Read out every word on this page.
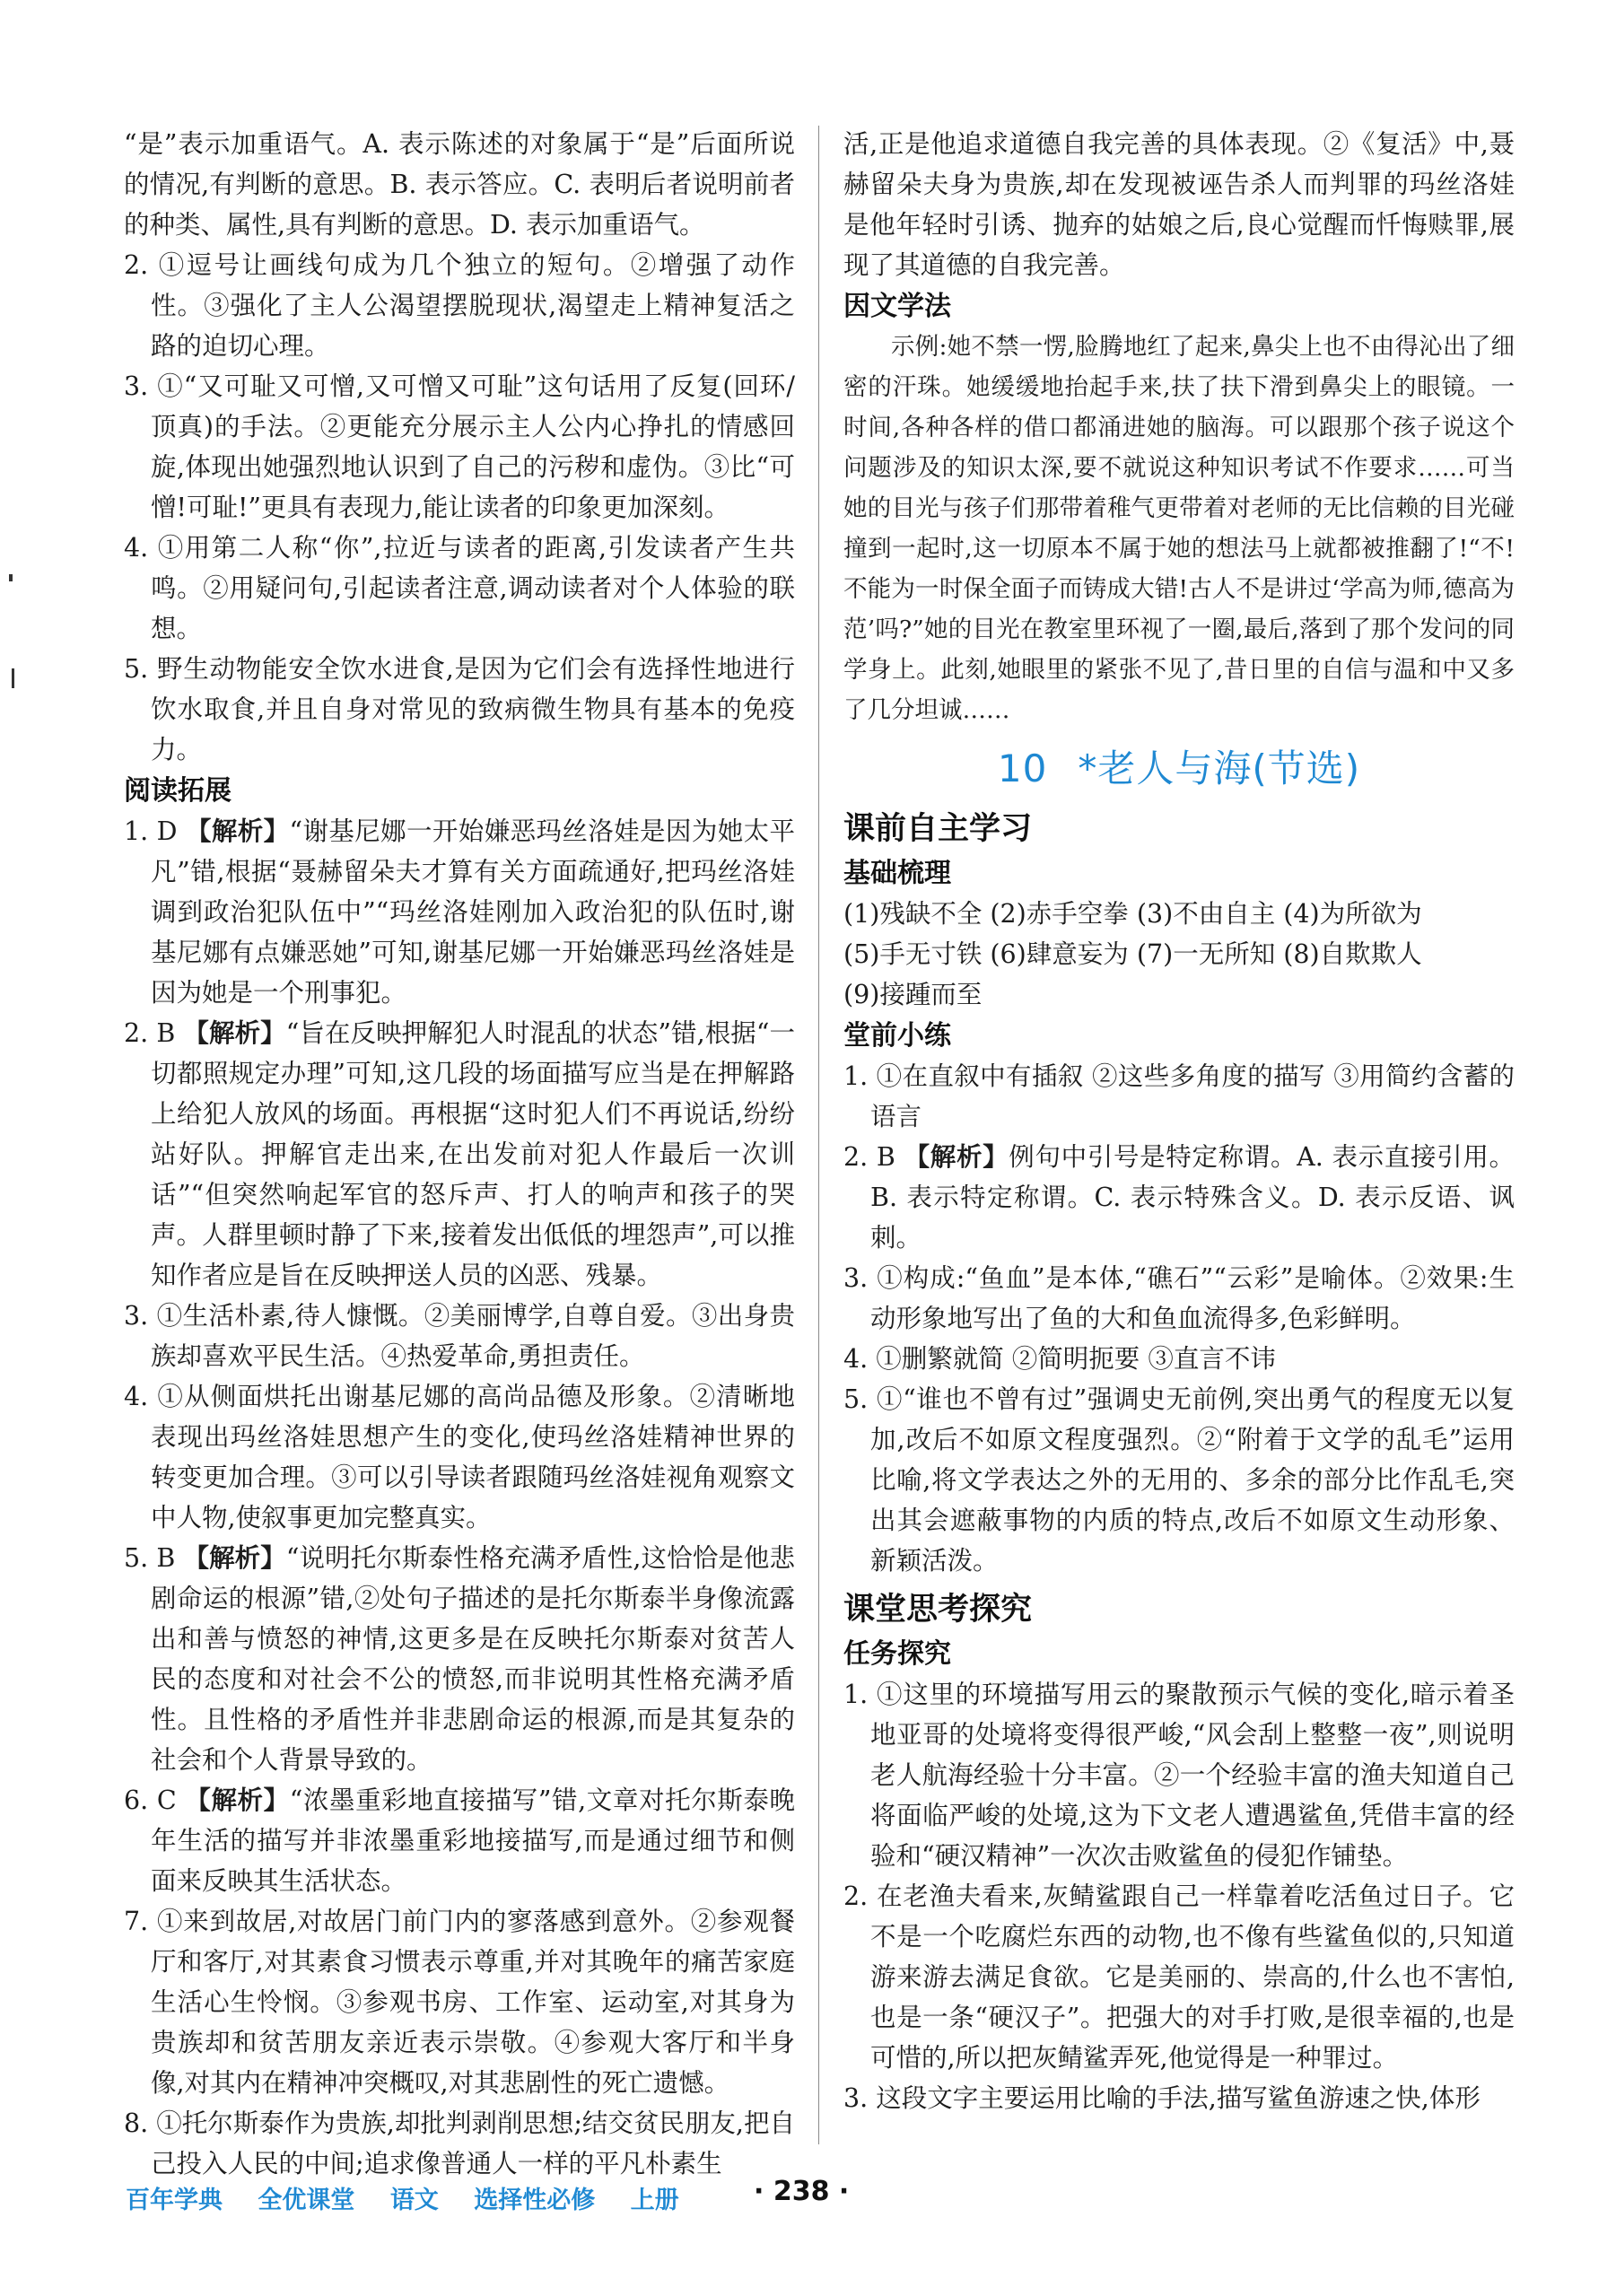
“是”表示加重语气。A. 表示陈述的对象属于“是”后面所说的情况,有判断的意思。B. 表示答应。C. 表明后者说明前者的种类、属性,具有判断的意思。D. 表示加重语气。

2. ①逗号让画线句成为几个独立的短句。②增强了动作性。③强化了主人公渴望摆脱现状,渴望走上精神复活之路的迫切心理。

3. ①“又可耻又可憎,又可憎又可耻”这句话用了反复(回环/顶真)的手法。②更能充分展示主人公内心挣扎的情感回旋,体现出她强烈地认识到了自己的污秽和虚伪。③比“可憎!可耻!”更具有表现力,能让读者的印象更加深刻。

4. ①用第二人称“你”,拉近与读者的距离,引发读者产生共鸣。②用疑问句,引起读者注意,调动读者对个人体验的联想。

5. 野生动物能安全饮水进食,是因为它们会有选择性地进行饮水取食,并且自身对常见的致病微生物具有基本的免疫力。

阅读拓展

1. D 【解析】“谢基尼娜一开始嫌恶玛丝洛娃是因为她太平凡”错,根据“聂赫留朵夫才算有关方面疏通好,把玛丝洛娃调到政治犯队伍中”“玛丝洛娃刚加入政治犯的队伍时,谢基尼娜有点嫌恶她”可知,谢基尼娜一开始嫌恶玛丝洛娃是因为她是一个刑事犯。

2. B 【解析】“旨在反映押解犯人时混乱的状态”错,根据“一切都照规定办理”可知,这几段的场面描写应当是在押解路上给犯人放风的场面。再根据“这时犯人们不再说话,纷纷站好队。押解官走出来,在出发前对犯人作最后一次训话”“但突然响起军官的怒斥声、打人的响声和孩子的哭声。人群里顿时静了下来,接着发出低低的埋怨声”,可以推知作者应是旨在反映押送人员的凶恶、残暴。

3. ①生活朴素,待人慷慨。②美丽博学,自尊自爱。③出身贵族却喜欢平民生活。④热爱革命,勇担责任。

4. ①从侧面烘托出谢基尼娜的高尚品德及形象。②清晰地表现出玛丝洛娃思想产生的变化,使玛丝洛娃精神世界的转变更加合理。③可以引导读者跟随玛丝洛娃视角观察文中人物,使叙事更加完整真实。

5. B 【解析】“说明托尔斯泰性格充满矛盾性,这恰恰是他悲剧命运的根源”错,②处句子描述的是托尔斯泰半身像流露出和善与愤怒的神情,这更多是在反映托尔斯泰对贫苦人民的态度和对社会不公的愤怒,而非说明其性格充满矛盾性。且性格的矛盾性并非悲剧命运的根源,而是其复杂的社会和个人背景导致的。

6. C 【解析】“浓墨重彩地直接描写”错,文章对托尔斯泰晚年生活的描写并非浓墨重彩地接描写,而是通过细节和侧面来反映其生活状态。

7. ①来到故居,对故居门前门内的寥落感到意外。②参观餐厅和客厅,对其素食习惯表示尊重,并对其晚年的痛苦家庭生活心生怜悯。③参观书房、工作室、运动室,对其身为贵族却和贫苦朋友亲近表示崇敬。④参观大客厅和半身像,对其内在精神冲突概叹,对其悲剧性的死亡遗憾。

8. ①托尔斯泰作为贵族,却批判剥削思想;结交贫民朋友,把自己投入人民的中间;追求像普通人一样的平凡朴素生

活,正是他追求道德自我完善的具体表现。②《复活》中,聂赫留朵夫身为贵族,却在发现被诬告杀人而判罪的玛丝洛娃是他年轻时引诱、抛弃的姑娘之后,良心觉醒而忏悔赎罪,展现了其道德的自我完善。

因文学法

示例:她不禁一愣,脸腾地红了起来,鼻尖上也不由得沁出了细密的汗珠。她缓缓地抬起手来,扶了扶下滑到鼻尖上的眼镜。一时间,各种各样的借口都涌进她的脑海。可以跟那个孩子说这个问题涉及的知识太深,要不就说这种知识考试不作要求……可当她的目光与孩子们那带着稚气更带着对老师的无比信赖的目光碰撞到一起时,这一切原本不属于她的想法马上就都被推翻了!“不!不能为一时保全面子而铸成大错!古人不是讲过‘学高为师,德高为范’吗?”她的目光在教室里环视了一圈,最后,落到了那个发问的同学身上。此刻,她眼里的紧张不见了,昔日里的自信与温和中又多了几分坦诚……

10 *老人与海(节选)
课前自主学习
基础梳理

(1)残缺不全 (2)赤手空拳 (3)不由自主 (4)为所欲为

(5)手无寸铁 (6)肆意妄为 (7)一无所知 (8)自欺欺人

(9)接踵而至

堂前小练

1. ①在直叙中有插叙 ②这些多角度的描写 ③用简约含蓄的语言

2. B 【解析】例句中引号是特定称谓。A. 表示直接引用。B. 表示特定称谓。C. 表示特殊含义。D. 表示反语、讽刺。

3. ①构成:“鱼血”是本体,“礁石”“云彩”是喻体。②效果:生动形象地写出了鱼的大和鱼血流得多,色彩鲜明。

4. ①删繁就简 ②简明扼要 ③直言不讳

5. ①“谁也不曾有过”强调史无前例,突出勇气的程度无以复加,改后不如原文程度强烈。②“附着于文学的乱毛”运用比喻,将文学表达之外的无用的、多余的部分比作乱毛,突出其会遮蔽事物的内质的特点,改后不如原文生动形象、新颖活泼。

课堂思考探究
任务探究

1. ①这里的环境描写用云的聚散预示气候的变化,暗示着圣地亚哥的处境将变得很严峻,“风会刮上整整一夜”,则说明老人航海经验十分丰富。②一个经验丰富的渔夫知道自己将面临严峻的处境,这为下文老人遭遇鲨鱼,凭借丰富的经验和“硬汉精神”一次次击败鲨鱼的侵犯作铺垫。

2. 在老渔夫看来,灰鲭鲨跟自己一样靠着吃活鱼过日子。它不是一个吃腐烂东西的动物,也不像有些鲨鱼似的,只知道游来游去满足食欲。它是美丽的、崇高的,什么也不害怕,也是一条“硬汉子”。把强大的对手打败,是很幸福的,也是可惜的,所以把灰鲭鲨弄死,他觉得是一种罪过。

3. 这段文字主要运用比喻的手法,描写鲨鱼游速之快,体形

百年学典 全优课堂 语文 选择性必修 上册	· 238 ·
